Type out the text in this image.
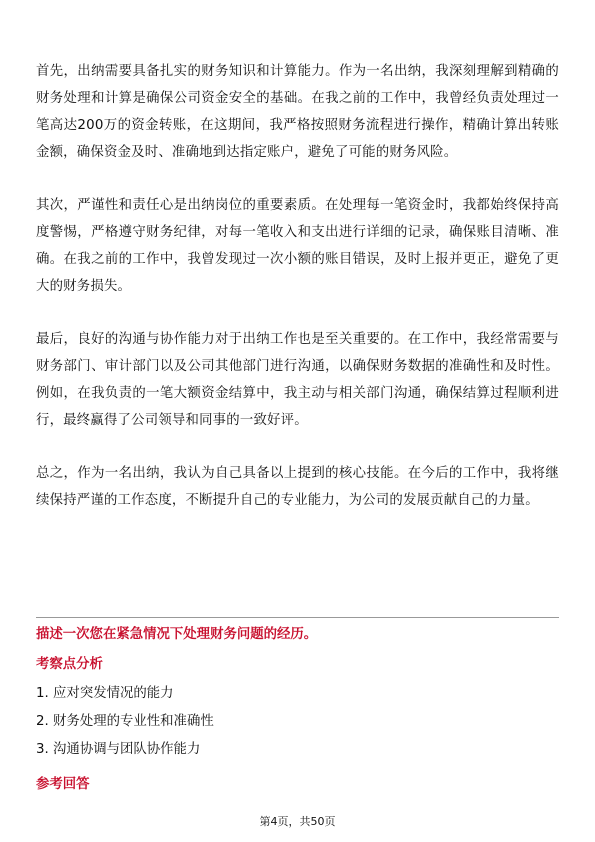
首先，出纳需要具备扎实的财务知识和计算能力。作为一名出纳，我深刻理解到精确的财务处理和计算是确保公司资金安全的基础。在我之前的工作中，我曾经负责处理过一笔高达200万的资金转账，在这期间，我严格按照财务流程进行操作，精确计算出转账金额，确保资金及时、准确地到达指定账户，避免了可能的财务风险。

其次，严谨性和责任心是出纳岗位的重要素质。在处理每一笔资金时，我都始终保持高度警惕，严格遵守财务纪律，对每一笔收入和支出进行详细的记录，确保账目清晰、准确。在我之前的工作中，我曾发现过一次小额的账目错误，及时上报并更正，避免了更大的财务损失。

最后，良好的沟通与协作能力对于出纳工作也是至关重要的。在工作中，我经常需要与财务部门、审计部门以及公司其他部门进行沟通，以确保财务数据的准确性和及时性。例如，在我负责的一笔大额资金结算中，我主动与相关部门沟通，确保结算过程顺利进行，最终赢得了公司领导和同事的一致好评。

总之，作为一名出纳，我认为自己具备以上提到的核心技能。在今后的工作中，我将继续保持严谨的工作态度，不断提升自己的专业能力，为公司的发展贡献自己的力量。

描述一次您在紧急情况下处理财务问题的经历。
考察点分析
1. 应对突发情况的能力
2. 财务处理的专业性和准确性
3. 沟通协调与团队协作能力
参考回答
第4页，共50页
